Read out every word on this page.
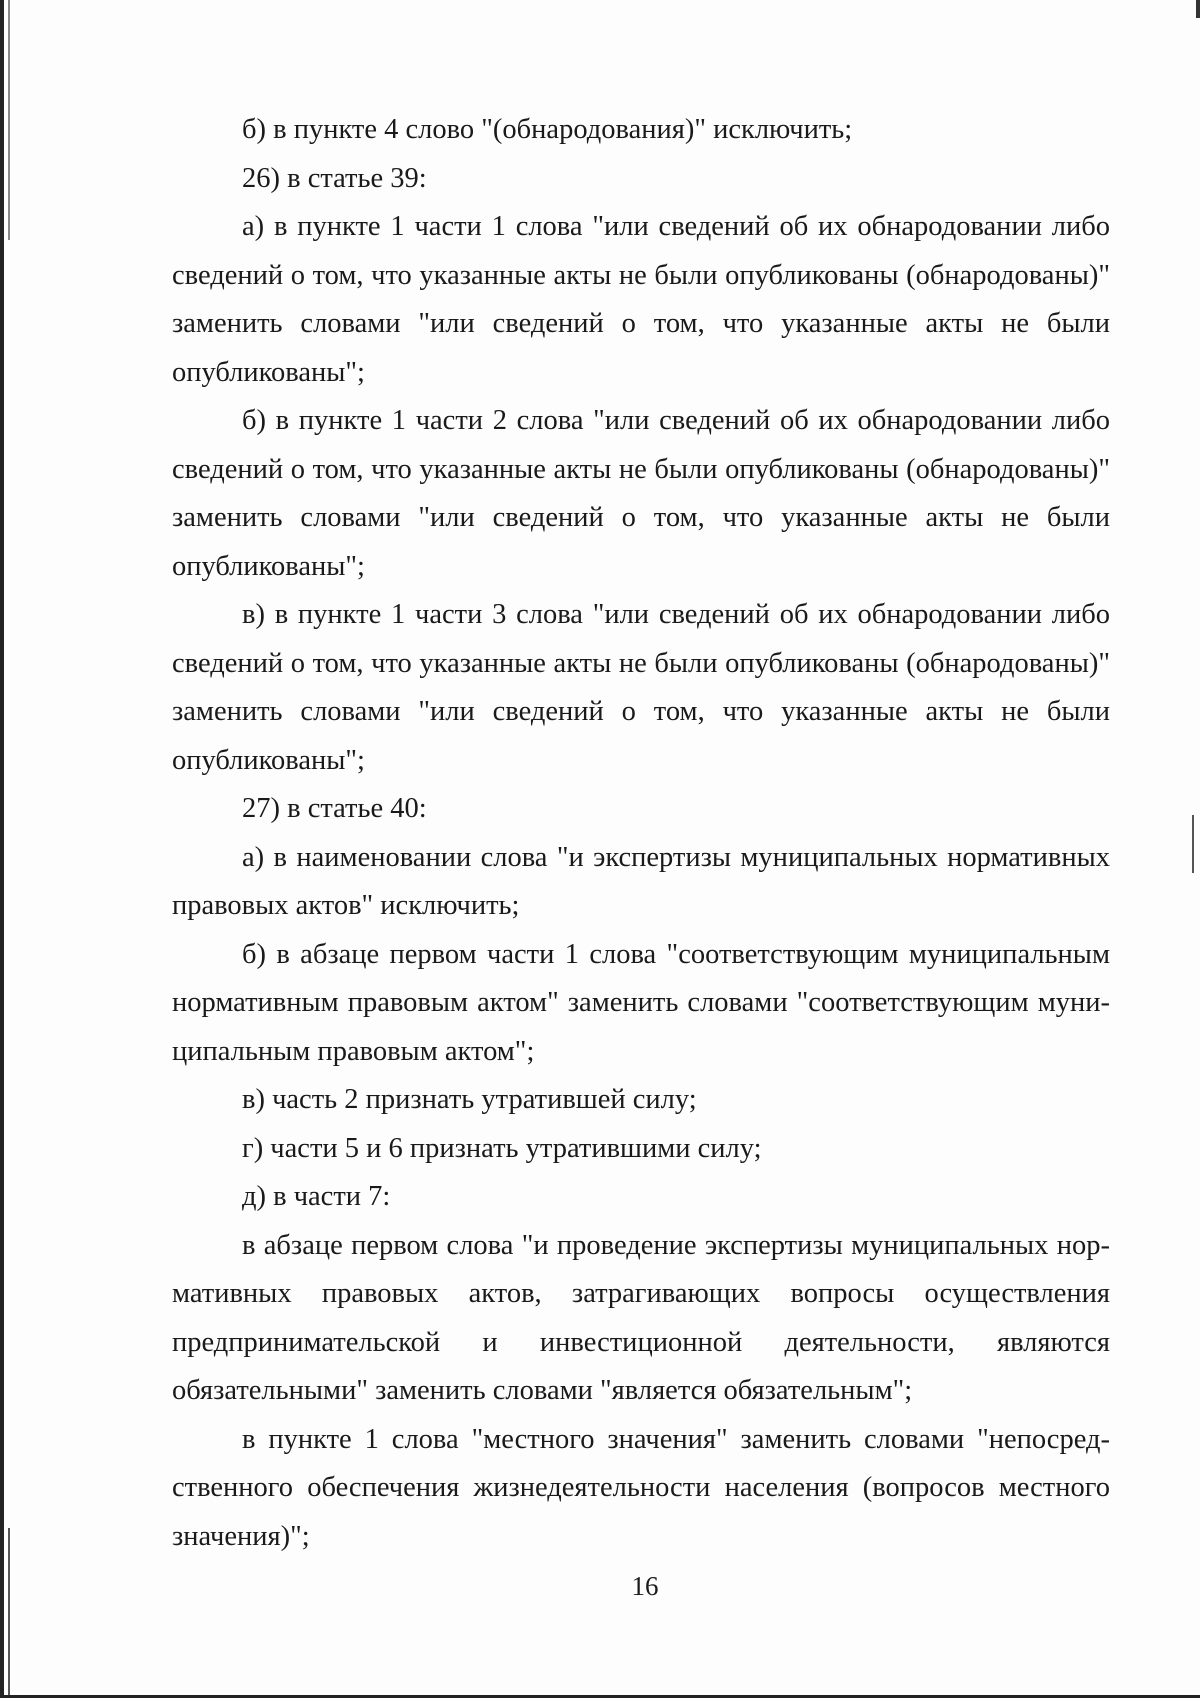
б) в пункте 4 слово "(обнародования)" исключить;

26) в статье 39:

а) в пункте 1 части 1 слова "или сведений об их обнародовании либо сведений о том, что указанные акты не были опубликованы (обнародованы)" заменить словами "или сведений о том, что указанные акты не были опубликованы";

б) в пункте 1 части 2 слова "или сведений об их обнародовании либо сведений о том, что указанные акты не были опубликованы (обнародованы)" заменить словами "или сведений о том, что указанные акты не были опубликованы";

в) в пункте 1 части 3 слова "или сведений об их обнародовании либо сведений о том, что указанные акты не были опубликованы (обнародованы)" заменить словами "или сведений о том, что указанные акты не были опубликованы";

27) в статье 40:

а) в наименовании слова "и экспертизы муниципальных нормативных правовых актов" исключить;

б) в абзаце первом части 1 слова "соответствующим муниципальным нормативным правовым актом" заменить словами "соответствующим муниципальным правовым актом";

в) часть 2 признать утратившей силу;

г) части 5 и 6 признать утратившими силу;

д) в части 7:

в абзаце первом слова "и проведение экспертизы муниципальных нормативных правовых актов, затрагивающих вопросы осуществления предпринимательской и инвестиционной деятельности, являются обязательными" заменить словами "является обязательным";

в пункте 1 слова "местного значения" заменить словами "непосредственного обеспечения жизнедеятельности населения (вопросов местного значения)";

16
